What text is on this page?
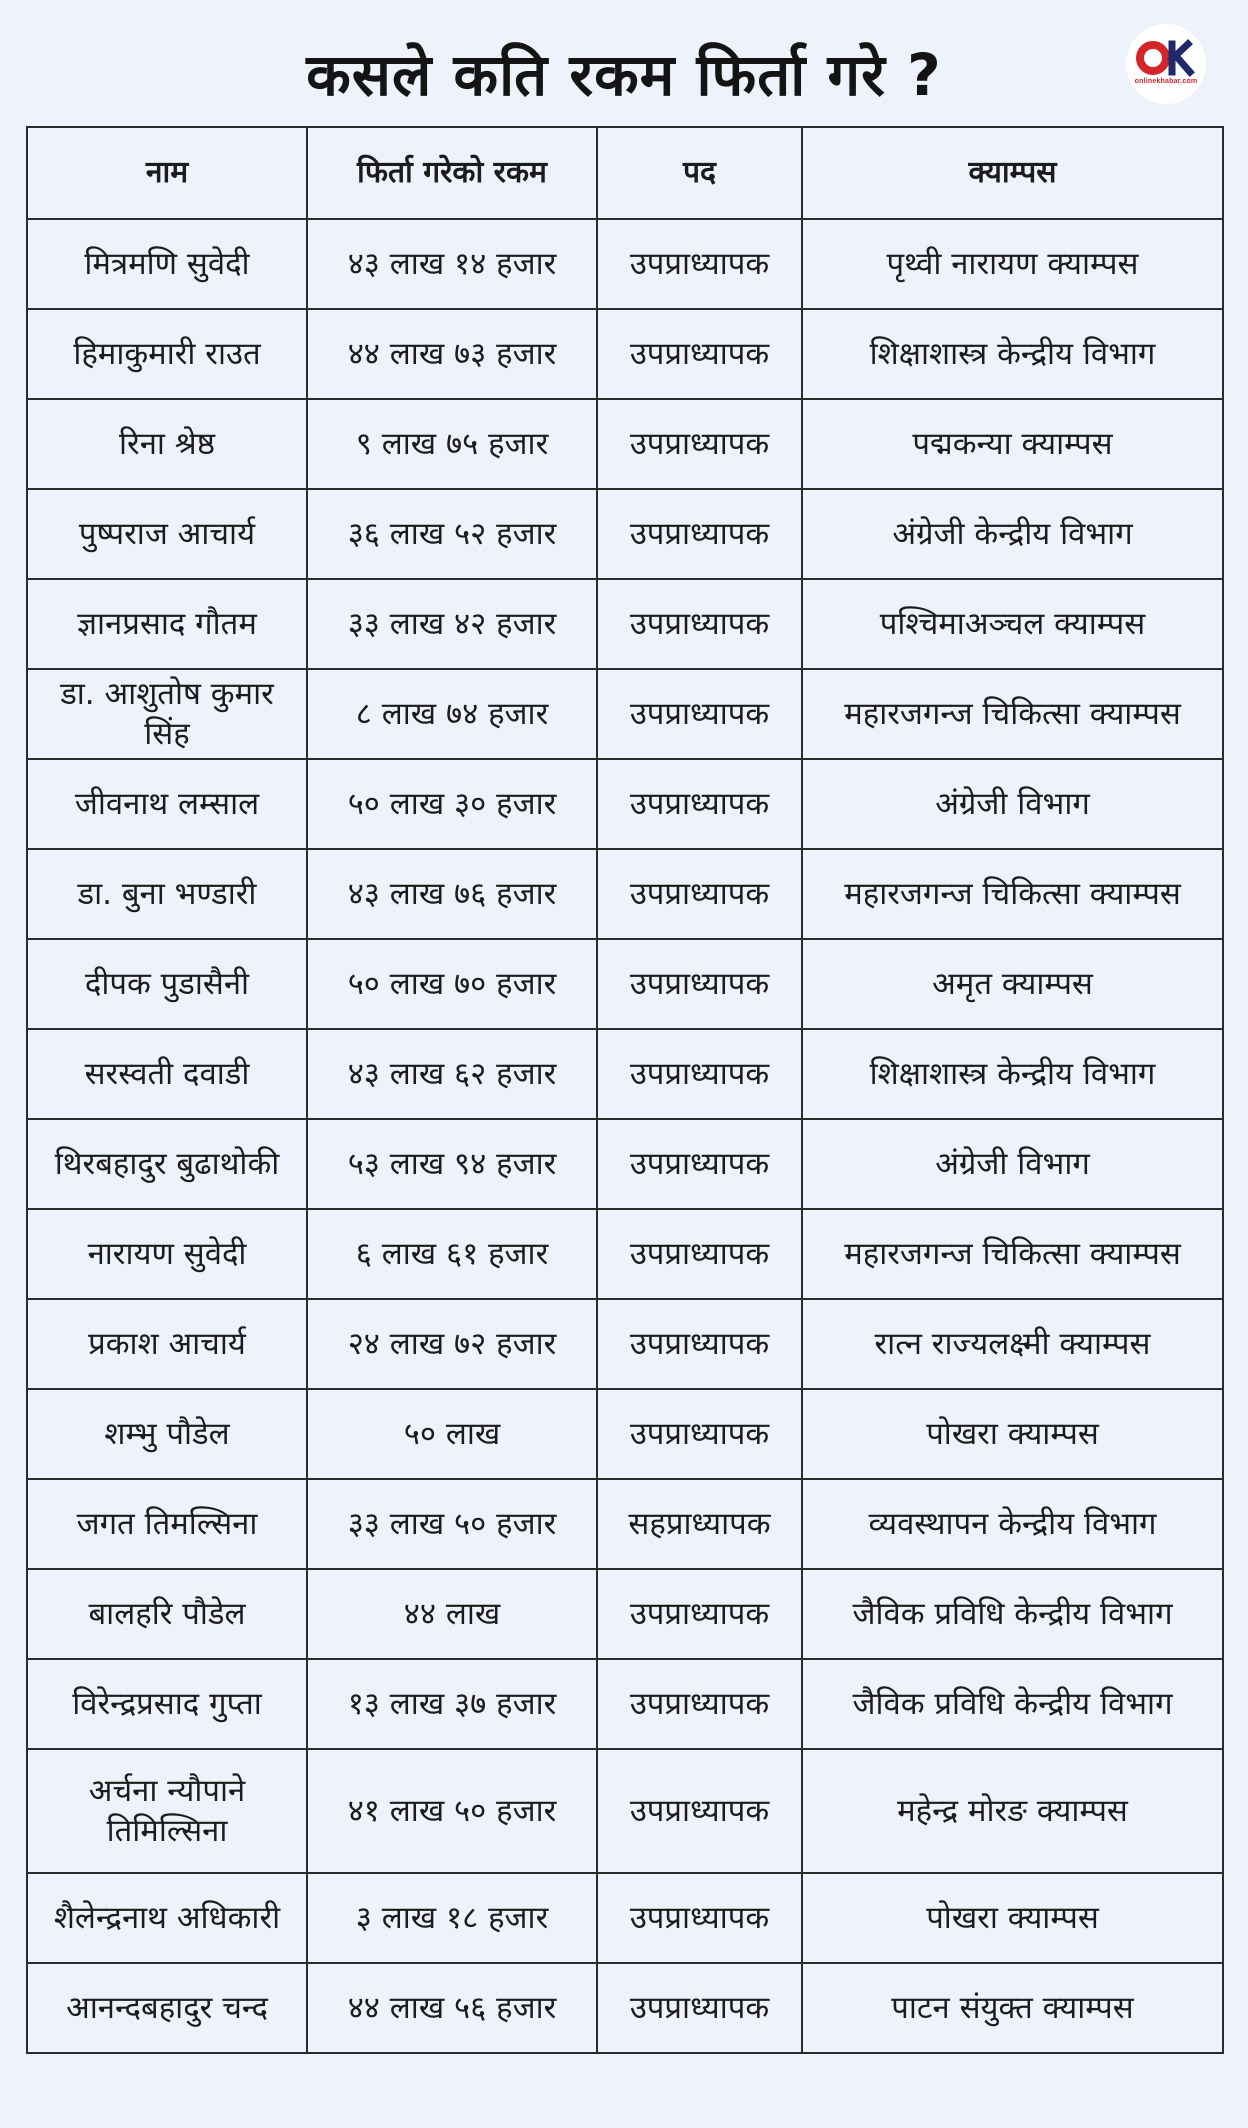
कसले कति रकम फिर्ता गरे ?	onlinekhabar.com
नाम	फिर्ता गरेको रकम	पद	क्याम्पस
मित्रमणि सुवेदी	४३ लाख १४ हजार	उपप्राध्यापक	पृथ्वी नारायण क्याम्पस
हिमाकुमारी राउत	४४ लाख ७३ हजार	उपप्राध्यापक	शिक्षाशास्त्र केन्द्रीय विभाग
रिना श्रेष्ठ	९ लाख ७५ हजार	उपप्राध्यापक	पद्मकन्या क्याम्पस
पुष्पराज आचार्य	३६ लाख ५२ हजार	उपप्राध्यापक	अंग्रेजी केन्द्रीय विभाग
ज्ञानप्रसाद गौतम	३३ लाख ४२ हजार	उपप्राध्यापक	पश्चिमाअञ्चल क्याम्पस
डा. आशुतोष कुमार सिंह	८ लाख ७४ हजार	उपप्राध्यापक	महारजगन्ज चिकित्सा क्याम्पस
जीवनाथ लम्साल	५० लाख ३० हजार	उपप्राध्यापक	अंग्रेजी विभाग
डा. बुना भण्डारी	४३ लाख ७६ हजार	उपप्राध्यापक	महारजगन्ज चिकित्सा क्याम्पस
दीपक पुडासैनी	५० लाख ७० हजार	उपप्राध्यापक	अमृत क्याम्पस
सरस्वती दवाडी	४३ लाख ६२ हजार	उपप्राध्यापक	शिक्षाशास्त्र केन्द्रीय विभाग
थिरबहादुर बुढाथोकी	५३ लाख ९४ हजार	उपप्राध्यापक	अंग्रेजी विभाग
नारायण सुवेदी	६ लाख ६१ हजार	उपप्राध्यापक	महारजगन्ज चिकित्सा क्याम्पस
प्रकाश आचार्य	२४ लाख ७२ हजार	उपप्राध्यापक	रात्न राज्यलक्ष्मी क्याम्पस
शम्भु पौडेल	५० लाख	उपप्राध्यापक	पोखरा क्याम्पस
जगत तिमल्सिना	३३ लाख ५० हजार	सहप्राध्यापक	व्यवस्थापन केन्द्रीय विभाग
बालहरि पौडेल	४४ लाख	उपप्राध्यापक	जैविक प्रविधि केन्द्रीय विभाग
विरेन्द्रप्रसाद गुप्ता	१३ लाख ३७ हजार	उपप्राध्यापक	जैविक प्रविधि केन्द्रीय विभाग
अर्चना न्यौपाने तिमिल्सिना	४१ लाख ५० हजार	उपप्राध्यापक	महेन्द्र मोरङ क्याम्पस
शैलेन्द्रनाथ अधिकारी	३ लाख १८ हजार	उपप्राध्यापक	पोखरा क्याम्पस
आनन्दबहादुर चन्द	४४ लाख ५६ हजार	उपप्राध्यापक	पाटन संयुक्त क्याम्पस
